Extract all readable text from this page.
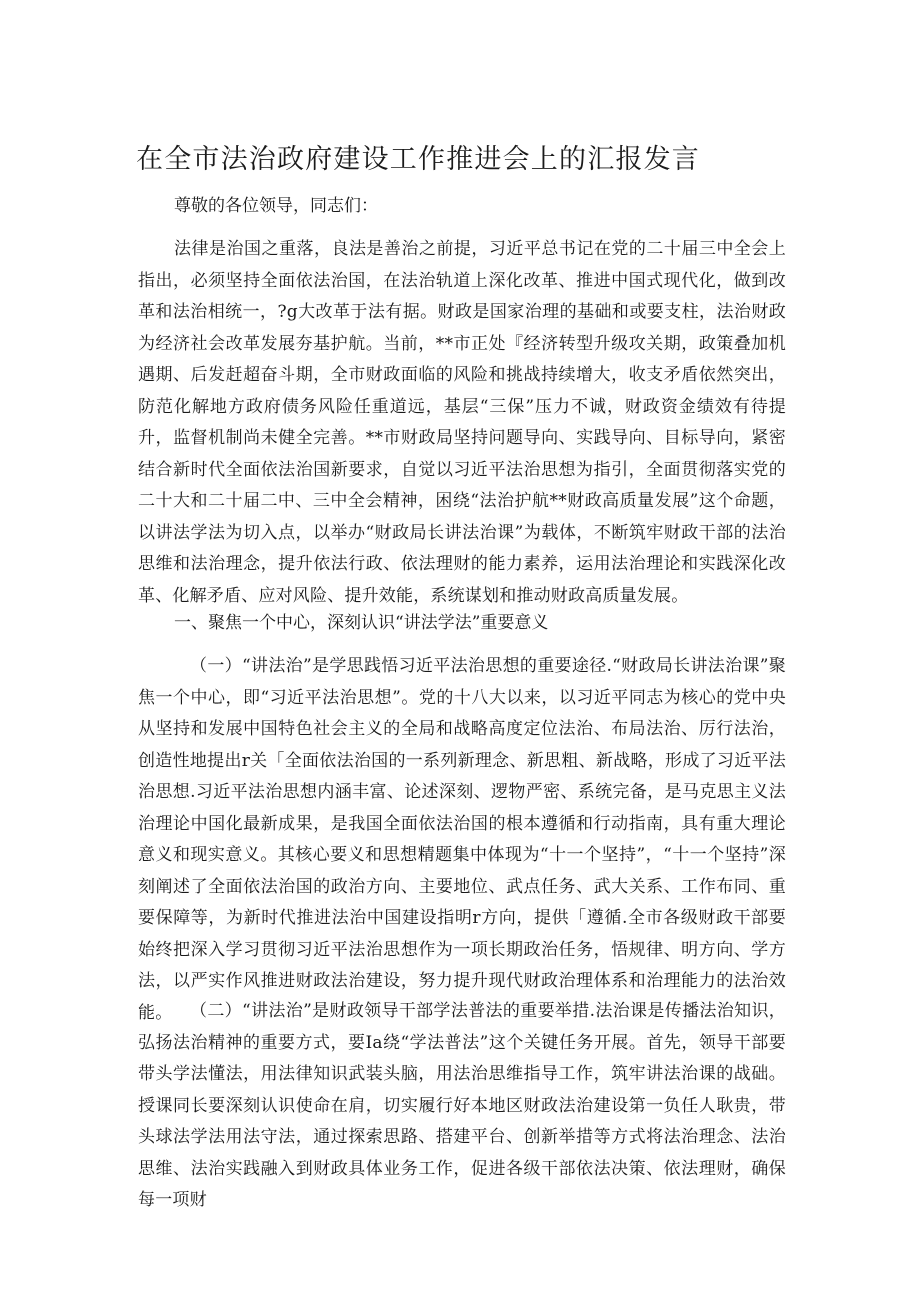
在全市法治政府建设工作推进会上的汇报发言

尊敬的各位领导，同志们：

法律是治国之重落，良法是善治之前提，习近平总书记在党的二十届三中全会上指出，必须坚持全面依法治国，在法治轨道上深化改革、推进中国式现代化，做到改革和法治相统一，?g大改革于法有据。财政是国家治理的基础和或要支柱，法治财政为经济社会改革发展夯基护航。当前，**市正处『经济转型升级攻关期，政策叠加机遇期、后发赶超奋斗期，全市财政面临的风险和挑战持续增大，收支矛盾依然突出，防范化解地方政府债务风险任重道远，基层“三保”压力不诚，财政资金绩效有待提升，监督机制尚未健全完善。**市财政局坚持问题导向、实践导向、目标导向，紧密结合新时代全面依法治国新要求，自觉以习近平法治思想为指引，全面贯彻落实党的二十大和二十届二中、三中全会精神，困绕“法治护航**财政高质量发展”这个命题，以讲法学法为切入点，以举办“财政局长讲法治课”为载体，不断筑牢财政干部的法治思维和法治理念，提升依法行政、依法理财的能力素养，运用法治理论和实践深化改革、化解矛盾、应对风险、提升效能，系统谋划和推动财政高质量发展。

一、聚焦一个中心，深刻认识“讲法学法”重要意义

（一）“讲法治”是学思践悟习近平法治思想的重要途径.“财政局长讲法治课”聚焦一个中心，即“习近平法治思想”。党的十八大以来，以习近平同志为核心的党中央从坚持和发展中国特色社会主义的全局和战略高度定位法治、布局法治、厉行法治，创造性地提出r关「全面依法治国的一系列新理念、新思粗、新战略，形成了习近平法治思想.习近平法治思想内涵丰富、论述深刻、逻物严密、系统完备，是马克思主义法治理论中国化最新成果，是我国全面依法治国的根本遵循和行动指南，具有重大理论意义和现实意义。其核心要义和思想精题集中体现为“十一个坚持”，“十一个坚持”深刻阐述了全面依法治国的政治方向、主要地位、武点任务、武大关系、工作布同、重要保障等，为新时代推进法治中国建设指明r方向，提供「遵循.全市各级财政干部要始终把深入学习贯彻习近平法治思想作为一项长期政治任务，悟规律、明方向、学方法，以严实作风推进财政法治建设，努力提升现代财政治理体系和治理能力的法治效能。	（二）“讲法治”是财政领导干部学法普法的重要举措.法治课是传播法治知识，弘扬法治精神的重要方式，要Ia绕“学法普法”这个关键任务开展。首先，领导干部要带头学法懂法，用法律知识武装头脑，用法治思维指导工作，筑牢讲法治课的战础。授课同长要深刻认识使命在肩，切实履行好本地区财政法治建设第一负任人耿贵，带头球法学法用法守法，通过探索思路、搭建平台、创新举措等方式将法治理念、法治思维、法治实践融入到财政具体业务工作，促进各级干部依法决策、依法理财，确保每一项财
